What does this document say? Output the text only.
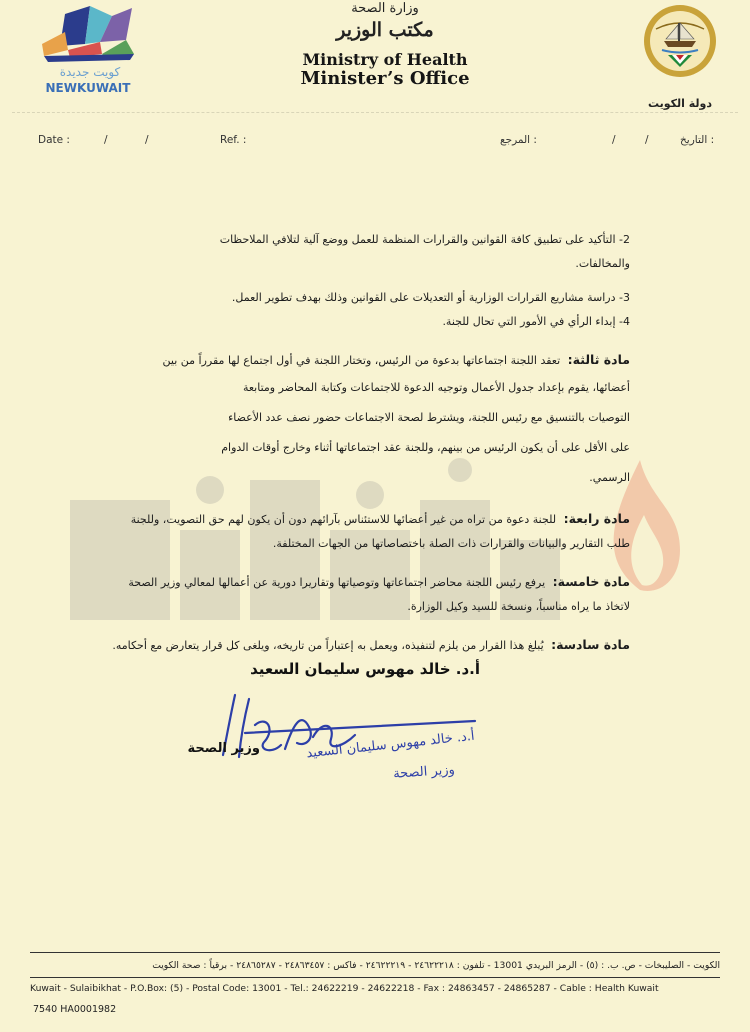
كويت جديدة
NEWKUWAIT
وزارة الصحة
مكتب الوزير
Ministry of Health
Minister’s Office
دولة الكويت
Date :	/	/	Ref. :	المرجع :	/	/	التاريخ :
2- التأكيد على تطبيق كافة القوانين والقرارات المنظمة للعمل ووضع آلية لتلافي الملاحظات
والمخالفات.
3- دراسة مشاريع القرارات الوزارية أو التعديلات على القوانين وذلك بهدف تطوير العمل.
4- إبداء الرأي في الأمور التي تحال للجنة.
مادة ثالثة: تعقد اللجنة اجتماعاتها بدعوة من الرئيس، وتختار اللجنة في أول اجتماع لها مقرراً من بين
أعضائها، يقوم بإعداد جدول الأعمال وتوجيه الدعوة للاجتماعات وكتابة المحاضر ومتابعة
التوصيات بالتنسيق مع رئيس اللجنة، ويشترط لصحة الاجتماعات حضور نصف عدد الأعضاء
على الأقل على أن يكون الرئيس من بينهم، وللجنة عقد اجتماعاتها أثناء وخارج أوقات الدوام
الرسمي.
مادة رابعة: للجنة دعوة من تراه من غير أعضائها للاستئناس بآرائهم دون أن يكون لهم حق التصويت، وللجنة
طلب التقارير والبيانات والقرارات ذات الصلة باختصاصاتها من الجهات المختلفة.
مادة خامسة: يرفع رئيس اللجنة محاضر اجتماعاتها وتوصياتها وتقاريرا دورية عن أعمالها لمعالي وزير الصحة
لاتخاذ ما يراه مناسباً، ونسخة للسيد وكيل الوزارة.
مادة سادسة: يُبلغ هذا القرار من يلزم لتنفيذه، ويعمل به إعتباراً من تاريخه، ويلغى كل قرار يتعارض مع أحكامه.
أ.د. خالد مهوس سليمان السعيد
أ.د. خالد مهوس سليمان السعيد
وزير الصحة
وزير الصحة
الكويت - الصليبخات - ص. ب. : (٥) - الرمز البريدي 13001 - تلفون : ٢٤٦٢٢٢١٨ - ٢٤٦٢٢٢١٩ - فاكس : ٢٤٨٦٣٤٥٧ - ٢٤٨٦٥٢٨٧ - برقياً : صحة الكويت
Kuwait - Sulaibikhat - P.O.Box: (5) - Postal Code: 13001 - Tel.: 24622219 - 24622218 - Fax : 24863457 - 24865287 - Cable : Health Kuwait
7540 HA0001982
